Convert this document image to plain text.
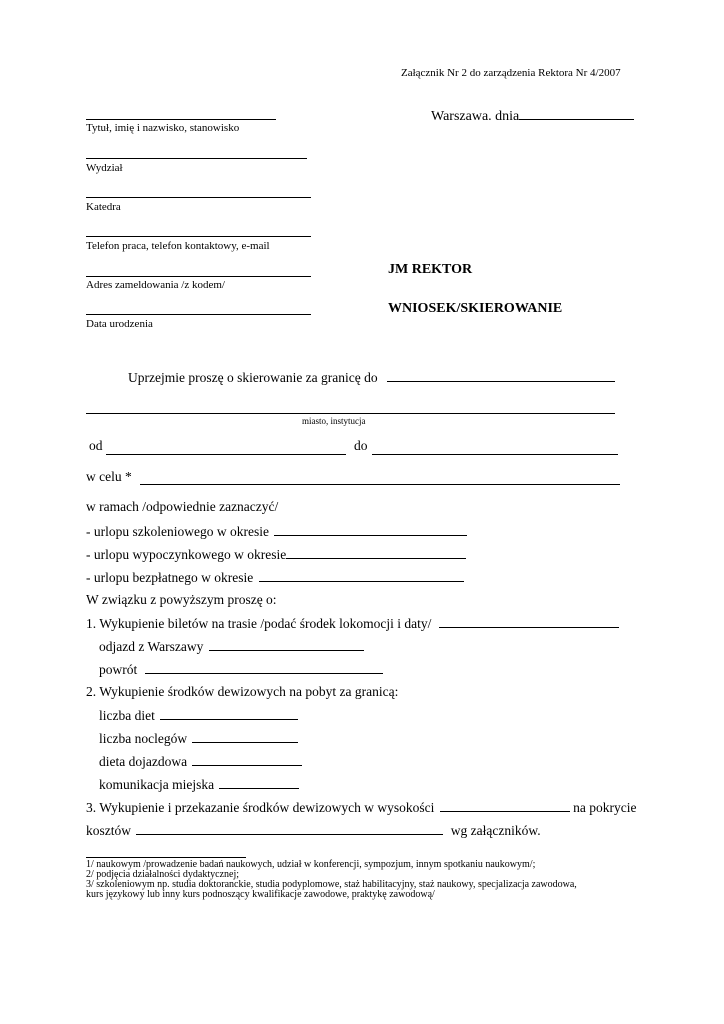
Załącznik Nr 2 do zarządzenia Rektora Nr 4/2007
Warszawa. dnia
Tytuł, imię i nazwisko, stanowisko
Wydział
Katedra
Telefon praca, telefon kontaktowy, e-mail
Adres zameldowania /z kodem/
Data urodzenia
JM REKTOR
WNIOSEK/SKIEROWANIE
Uprzejmie proszę o skierowanie za granicę do
miasto, instytucja
od	do
w celu *
w ramach /odpowiednie zaznaczyć/
- urlopu szkoleniowego w okresie
- urlopu wypoczynkowego w okresie
- urlopu bezpłatnego w okresie
W związku z powyższym proszę o:
1. Wykupienie biletów na trasie /podać środek lokomocji i daty/
odjazd z Warszawy
powrót
2. Wykupienie środków dewizowych na pobyt za granicą:
liczba diet
liczba noclegów
dieta dojazdowa
komunikacja miejska
3. Wykupienie i przekazanie środków dewizowych w wysokości	na pokrycie
kosztów	wg załączników.
1/ naukowym /prowadzenie badań naukowych, udział w konferencji, sympozjum, innym spotkaniu naukowym/;
2/ podjęcia działalności dydaktycznej;
3/ szkoleniowym np. studia doktoranckie, studia podyplomowe, staż habilitacyjny, staż naukowy, specjalizacja zawodowa,
kurs językowy lub inny kurs podnoszący kwalifikacje zawodowe, praktykę zawodową/
